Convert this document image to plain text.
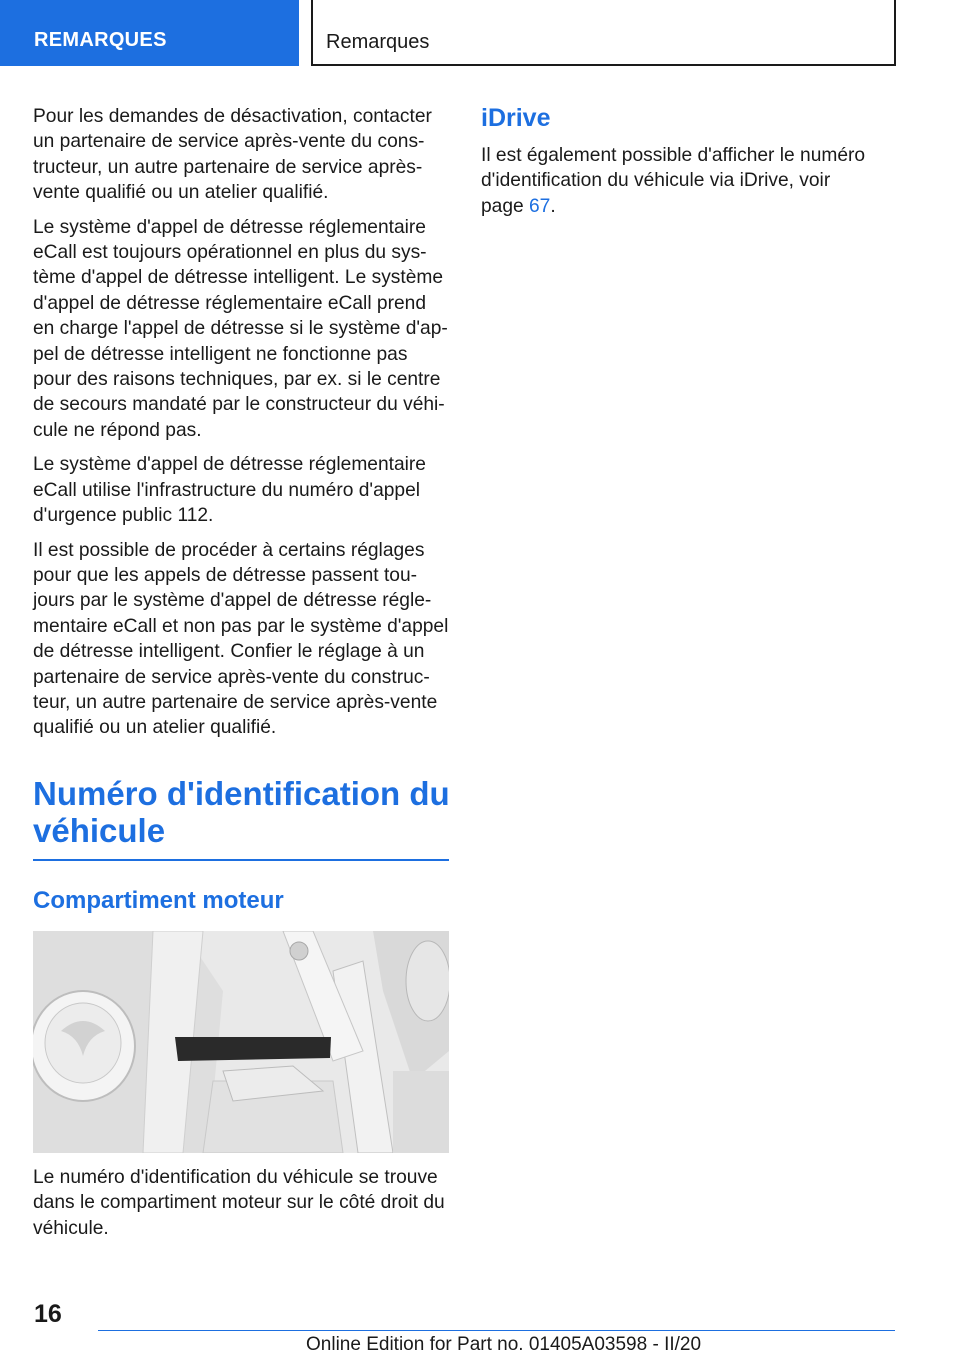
REMARQUES	Remarques

Pour les demandes de désactivation, contacter
un partenaire de service après-vente du cons-
tructeur, un autre partenaire de service après-
vente qualifié ou un atelier qualifié.

Le système d'appel de détresse réglementaire
eCall est toujours opérationnel en plus du sys-
tème d'appel de détresse intelligent. Le système
d'appel de détresse réglementaire eCall prend
en charge l'appel de détresse si le système d'ap-
pel de détresse intelligent ne fonctionne pas
pour des raisons techniques, par ex. si le centre
de secours mandaté par le constructeur du véhi-
cule ne répond pas.

Le système d'appel de détresse réglementaire
eCall utilise l'infrastructure du numéro d'appel
d'urgence public 112.

Il est possible de procéder à certains réglages
pour que les appels de détresse passent tou-
jours par le système d'appel de détresse régle-
mentaire eCall et non pas par le système d'appel
de détresse intelligent. Confier le réglage à un
partenaire de service après-vente du construc-
teur, un autre partenaire de service après-vente
qualifié ou un atelier qualifié.

Numéro d'identification du
véhicule
Compartiment moteur

Le numéro d'identification du véhicule se trouve
dans le compartiment moteur sur le côté droit du
véhicule.

iDrive

Il est également possible d'afficher le numéro
d'identification du véhicule via iDrive, voir
page 67.

16
Online Edition for Part no. 01405A03598 - II/20
